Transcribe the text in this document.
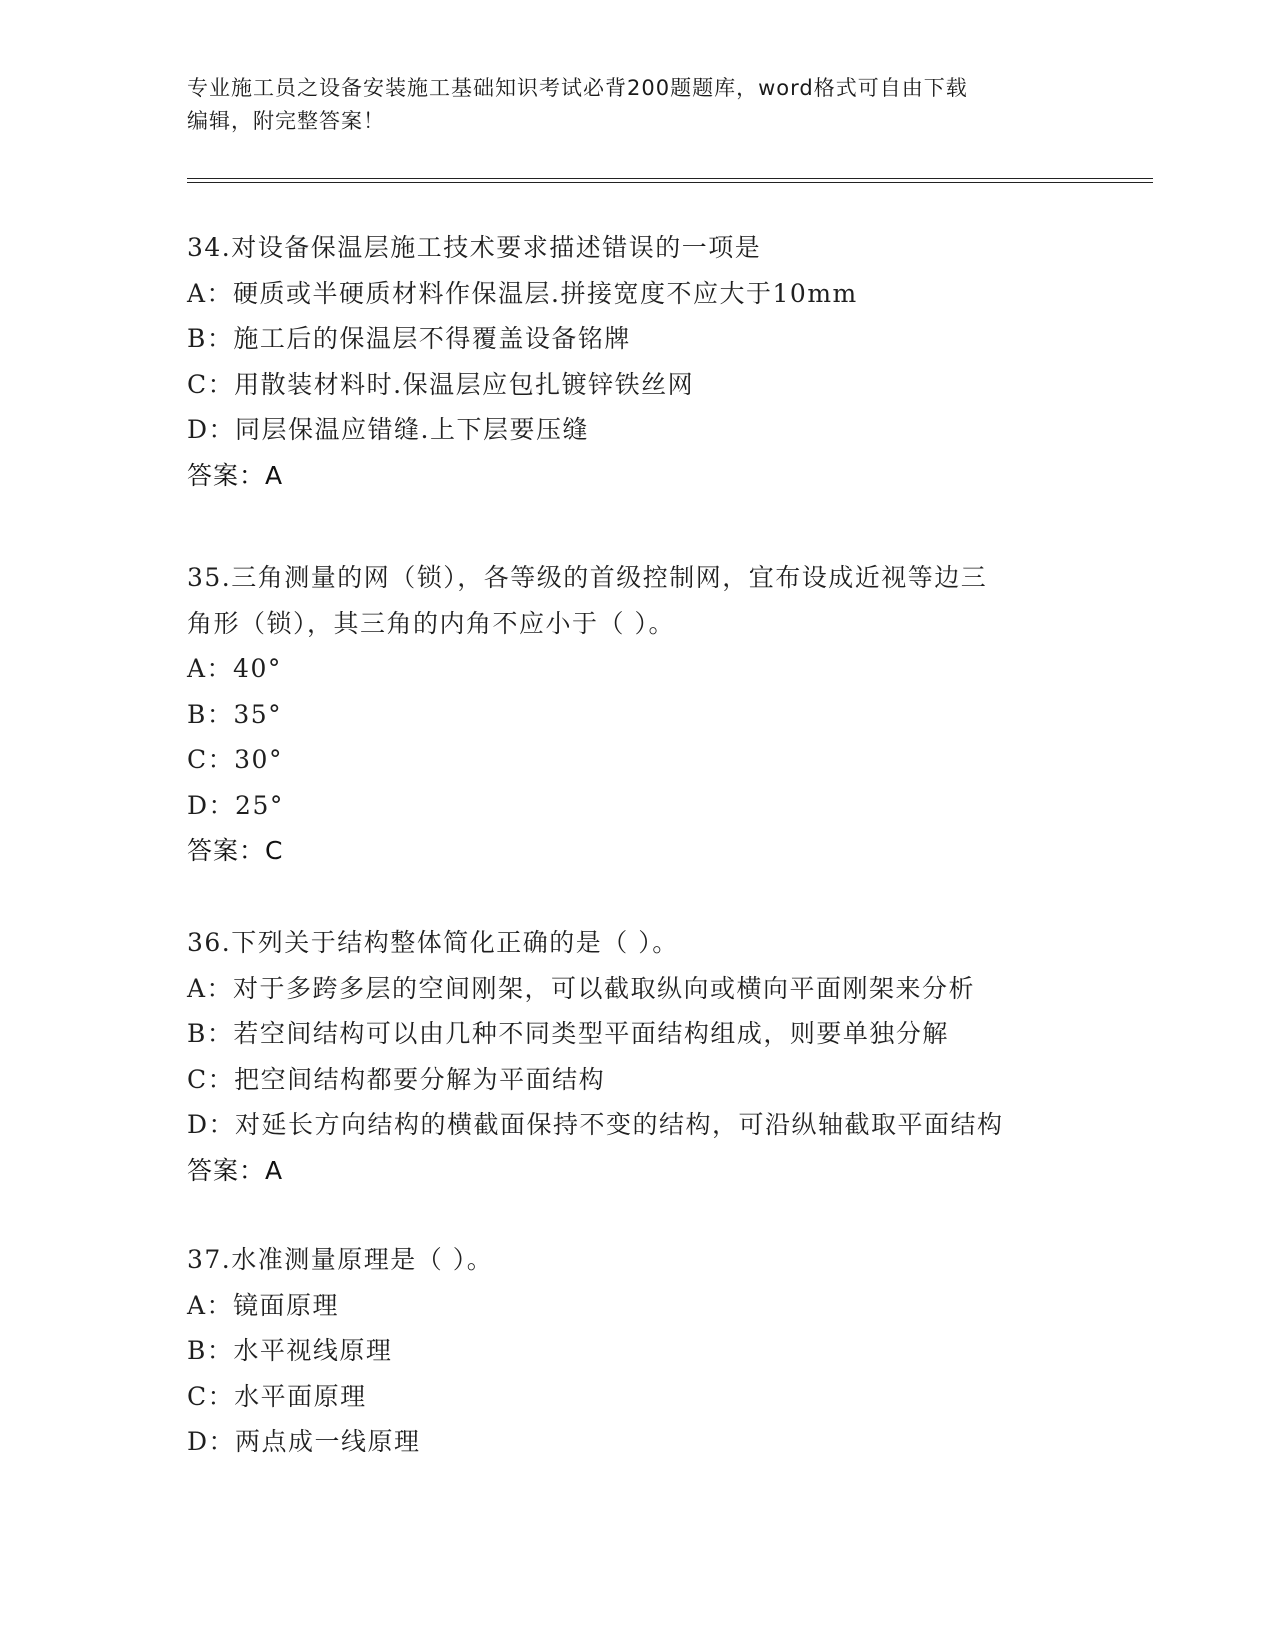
专业施工员之设备安装施工基础知识考试必背200题题库，word格式可自由下载
编辑，附完整答案！
34.对设备保温层施工技术要求描述错误的一项是
A：硬质或半硬质材料作保温层.拼接宽度不应大于10mm
B：施工后的保温层不得覆盖设备铭牌
C：用散装材料时.保温层应包扎镀锌铁丝网
D：同层保温应错缝.上下层要压缝
答案：A
35.三角测量的网（锁），各等级的首级控制网，宜布设成近视等边三
角形（锁），其三角的内角不应小于（ ）。
A：40°
B：35°
C：30°
D：25°
答案：C
36.下列关于结构整体简化正确的是（ ）。
A：对于多跨多层的空间刚架，可以截取纵向或横向平面刚架来分析
B：若空间结构可以由几种不同类型平面结构组成，则要单独分解
C：把空间结构都要分解为平面结构
D：对延长方向结构的横截面保持不变的结构，可沿纵轴截取平面结构
答案：A
37.水准测量原理是（ ）。
A：镜面原理
B：水平视线原理
C：水平面原理
D：两点成一线原理
